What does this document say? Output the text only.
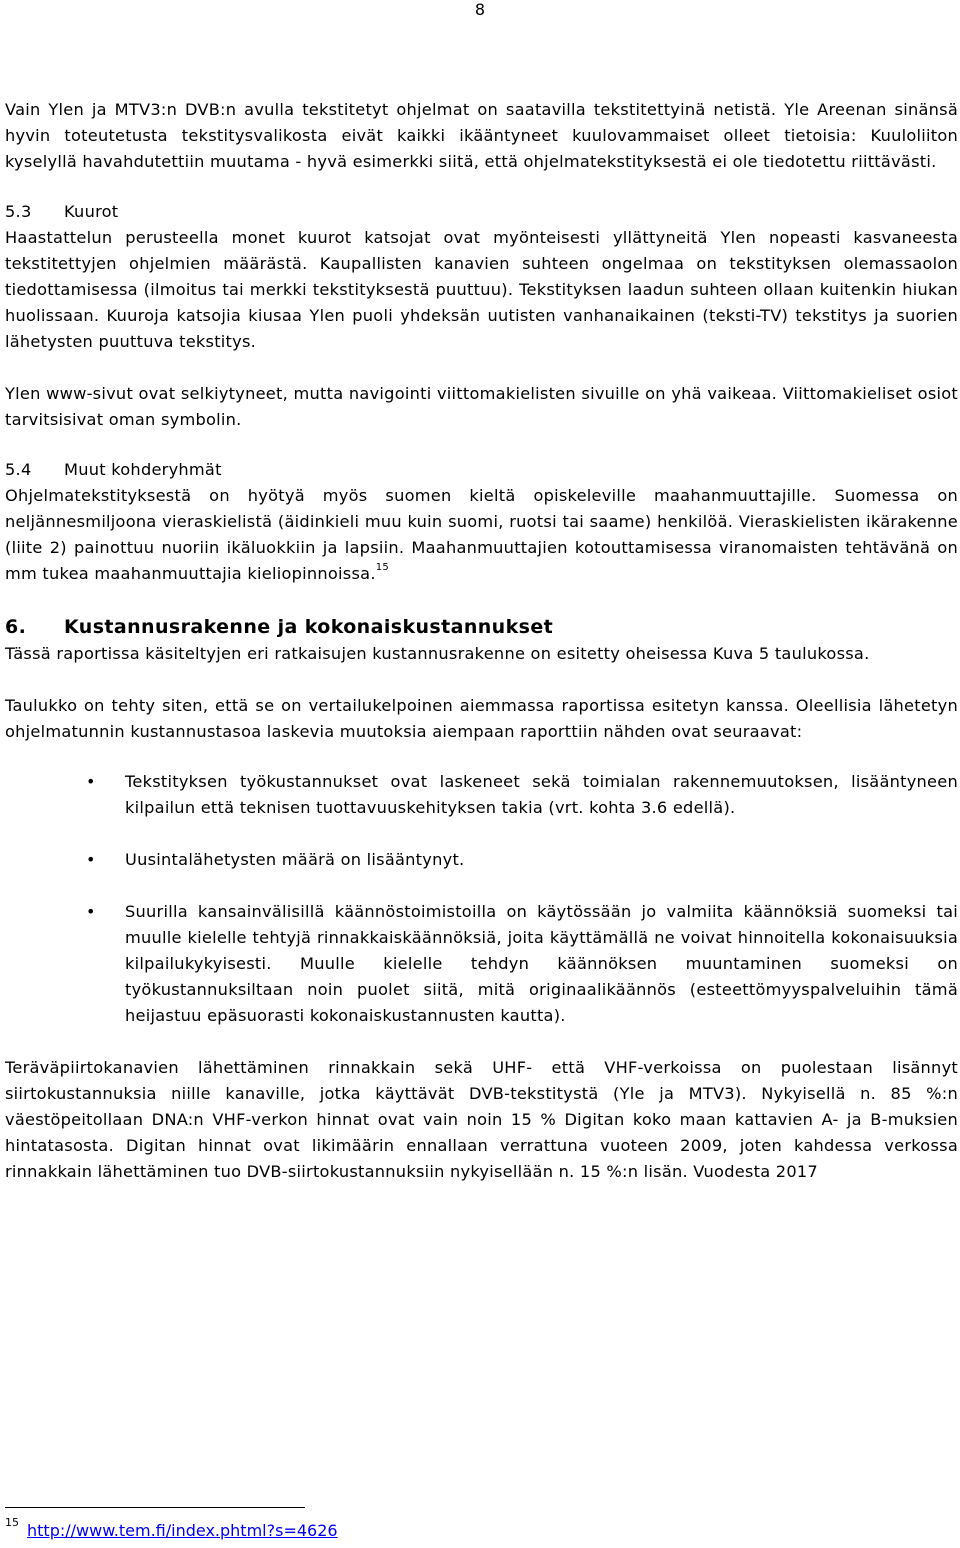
8

Vain Ylen ja MTV3:n DVB:n avulla tekstitetyt ohjelmat on saatavilla tekstitettyinä netistä. Yle Areenan sinänsä hyvin toteutetusta tekstitysvalikosta eivät kaikki ikääntyneet kuulovammaiset olleet tietoisia: Kuuloliiton kyselyllä havahdutettiin muutama - hyvä esimerkki siitä, että ohjelmatekstityksestä ei ole tiedotettu riittävästi.

5.3 Kuurot

Haastattelun perusteella monet kuurot katsojat ovat myönteisesti yllättyneitä Ylen nopeasti kasvaneesta tekstitettyjen ohjelmien määrästä. Kaupallisten kanavien suhteen ongelmaa on tekstityksen olemassaolon tiedottamisessa (ilmoitus tai merkki tekstityksestä puuttuu). Tekstityksen laadun suhteen ollaan kuitenkin hiukan huolissaan. Kuuroja katsojia kiusaa Ylen puoli yhdeksän uutisten vanhanaikainen (teksti-TV) tekstitys ja suorien lähetysten puuttuva tekstitys.

Ylen www-sivut ovat selkiytyneet, mutta navigointi viittomakielisten sivuille on yhä vaikeaa. Viittomakieliset osiot tarvitsisivat oman symbolin.

5.4 Muut kohderyhmät

Ohjelmatekstityksestä on hyötyä myös suomen kieltä opiskeleville maahanmuuttajille. Suomessa on neljännesmiljoona vieraskielistä (äidinkieli muu kuin suomi, ruotsi tai saame) henkilöä. Vieraskielisten ikärakenne (liite 2) painottuu nuoriin ikäluokkiin ja lapsiin. Maahanmuuttajien kotouttamisessa viranomaisten tehtävänä on mm tukea maahanmuuttajia kieliopinnoissa.$^{15}$

6. Kustannusrakenne ja kokonaiskustannukset

Tässä raportissa käsiteltyjen eri ratkaisujen kustannusrakenne on esitetty oheisessa Kuva 5 taulukossa.

Taulukko on tehty siten, että se on vertailukelpoinen aiemmassa raportissa esitetyn kanssa. Oleellisia lähetetyn ohjelmatunnin kustannustasoa laskevia muutoksia aiempaan raporttiin nähden ovat seuraavat:

• Tekstityksen työkustannukset ovat laskeneet sekä toimialan rakennemuutoksen, lisääntyneen kilpailun että teknisen tuottavuuskehityksen takia (vrt. kohta 3.6 edellä).

• Uusintalähetysten määrä on lisääntynyt.

• Suurilla kansainvälisillä käännöstoimistoilla on käytössään jo valmiita käännöksiä suomeksi tai muulle kielelle tehtyjä rinnakkaiskäännöksiä, joita käyttämällä ne voivat hinnoitella kokonaisuuksia kilpailukykyisesti. Muulle kielelle tehdyn käännöksen muuntaminen suomeksi on työkustannuksiltaan noin puolet siitä, mitä originaalikäännös (esteettömyyspalveluihin tämä heijastuu epäsuorasti kokonaiskustannusten kautta).

Teräväpiirtokanavien lähettäminen rinnakkain sekä UHF- että VHF-verkoissa on puolestaan lisännyt siirtokustannuksia niille kanaville, jotka käyttävät DVB-tekstitystä (Yle ja MTV3). Nykyisellä n. 85 %:n väestöpeitollaan DNA:n VHF-verkon hinnat ovat vain noin 15 % Digitan koko maan kattavien A- ja B-muksien hintatasosta. Digitan hinnat ovat likimäärin ennallaan verrattuna vuoteen 2009, joten kahdessa verkossa rinnakkain lähettäminen tuo DVB-siirtokustannuksiin nykyisellään n. 15 %:n lisän. Vuodesta 2017

$^{15}$ http://www.tem.fi/index.phtml?s=4626
